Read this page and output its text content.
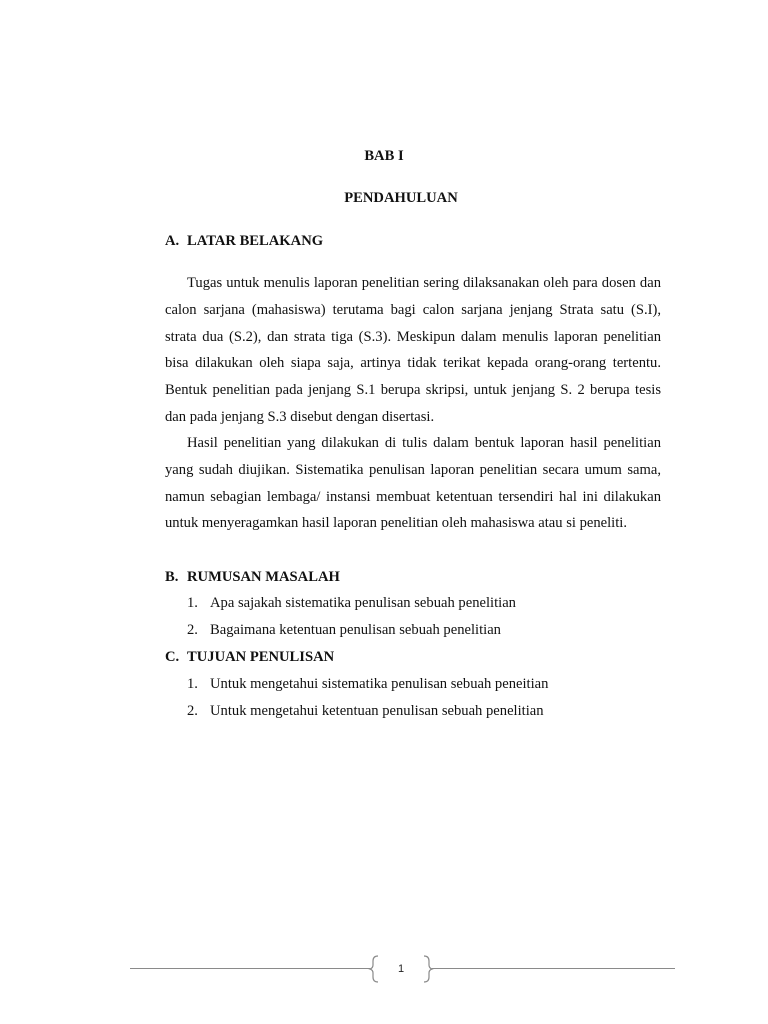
BAB I
PENDAHULUAN
A. LATAR BELAKANG

Tugas untuk menulis laporan penelitian sering dilaksanakan oleh para dosen dan calon sarjana (mahasiswa) terutama bagi calon sarjana jenjang Strata satu (S.I), strata dua (S.2), dan strata tiga (S.3). Meskipun dalam menulis laporan penelitian bisa dilakukan oleh siapa saja, artinya tidak terikat kepada orang-orang tertentu. Bentuk penelitian pada jenjang S.1 berupa skripsi, untuk jenjang S. 2 berupa tesis dan pada jenjang S.3 disebut dengan disertasi.

Hasil penelitian yang dilakukan di tulis dalam bentuk laporan hasil penelitian yang sudah diujikan. Sistematika penulisan laporan penelitian secara umum sama, namun sebagian lembaga/ instansi membuat ketentuan tersendiri hal ini dilakukan untuk menyeragamkan hasil laporan penelitian oleh mahasiswa atau si peneliti.

B. RUMUSAN MASALAH
1. Apa sajakah sistematika penulisan sebuah penelitian
2. Bagaimana ketentuan penulisan sebuah penelitian
C. TUJUAN PENULISAN
1. Untuk mengetahui sistematika penulisan sebuah peneitian
2. Untuk mengetahui ketentuan penulisan sebuah penelitian
1
